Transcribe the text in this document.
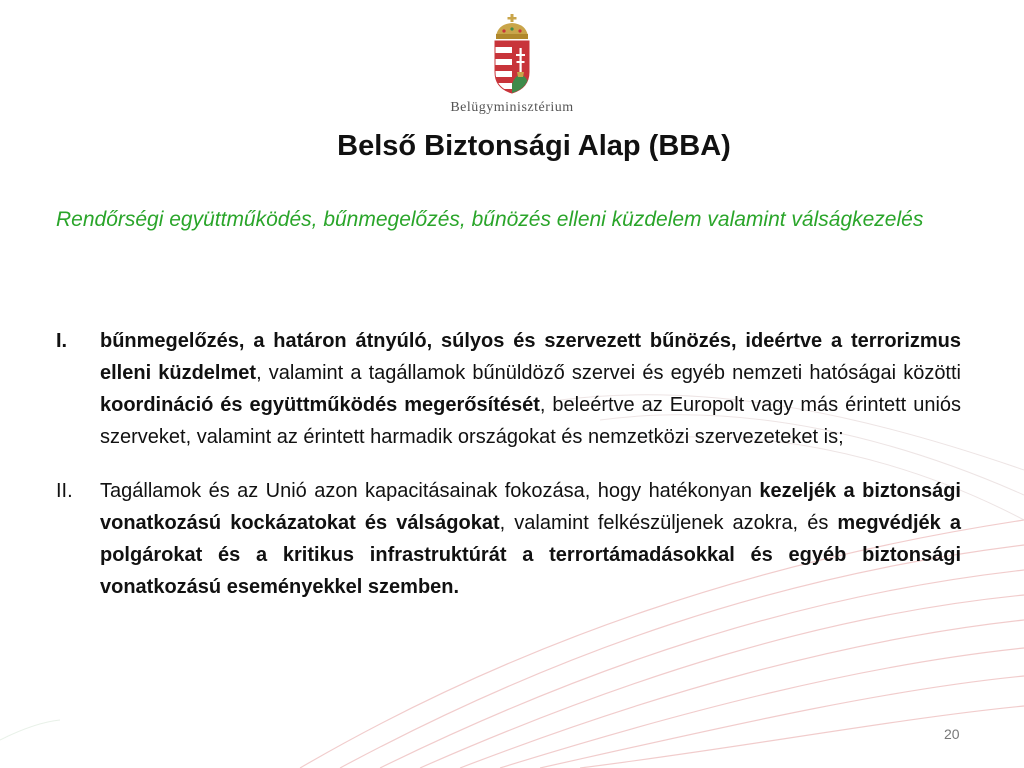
Belügyminisztérium
Belső Biztonsági Alap (BBA)

Rendőrségi együttműködés, bűnmegelőzés, bűnözés elleni küzdelem valamint válságkezelés

I. bűnmegelőzés, a határon átnyúló, súlyos és szervezett bűnözés, ideértve a terrorizmus elleni küzdelmet, valamint a tagállamok bűnüldöző szervei és egyéb nemzeti hatóságai közötti koordináció és együttműködés megerősítését, beleértve az Europolt vagy más érintett uniós szerveket, valamint az érintett harmadik országokat és nemzetközi szervezeteket is;
II. Tagállamok és az Unió azon kapacitásainak fokozása, hogy hatékonyan kezeljék a biztonsági vonatkozású kockázatokat és válságokat, valamint felkészüljenek azokra, és megvédjék a polgárokat és a kritikus infrastruktúrát a terrortámadásokkal és egyéb biztonsági vonatkozású eseményekkel szemben.
20
